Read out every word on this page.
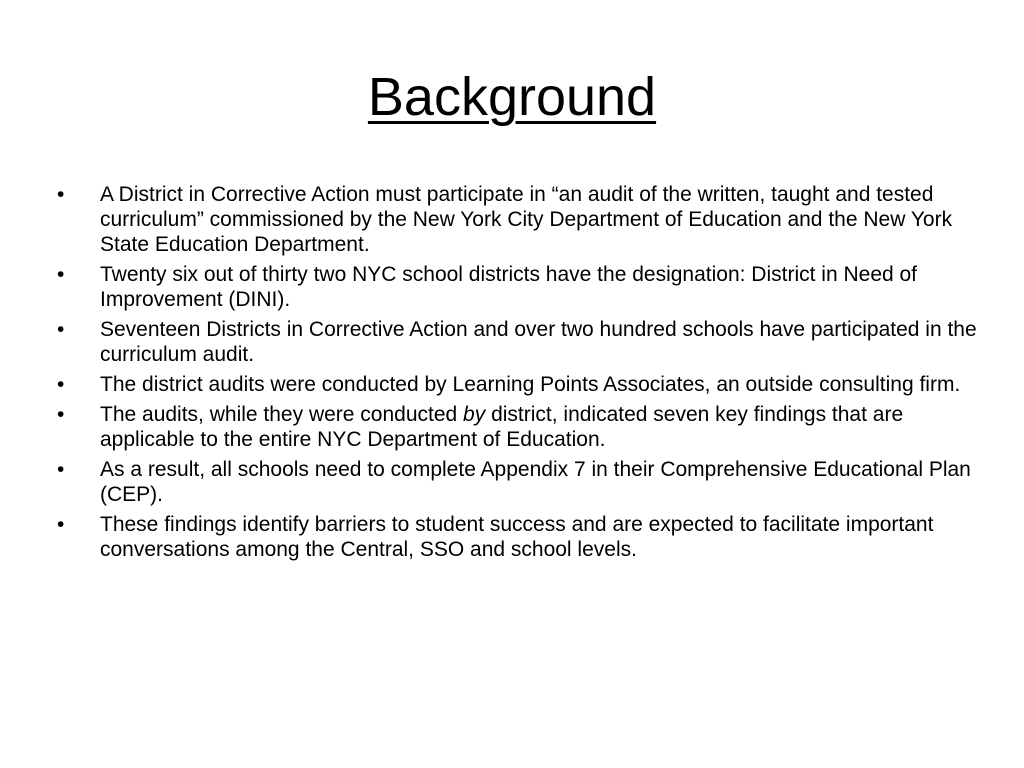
Background
•	A District in Corrective Action must participate in “an audit of the written, taught and tested curriculum” commissioned by the New York City Department of Education and the New York State Education Department.
•	Twenty six out of thirty two NYC school districts have the designation: District in Need of Improvement (DINI).
•	Seventeen Districts in Corrective Action and over two hundred schools have participated in the curriculum audit.
•	The district audits were conducted by Learning Points Associates, an outside consulting firm.
•	The audits, while they were conducted by district, indicated seven key findings that are applicable to the entire NYC Department of Education.
•	As a result, all schools need to complete Appendix 7 in their Comprehensive Educational Plan (CEP).
•	These findings identify barriers to student success and are expected to facilitate important conversations among the Central, SSO and school levels.
